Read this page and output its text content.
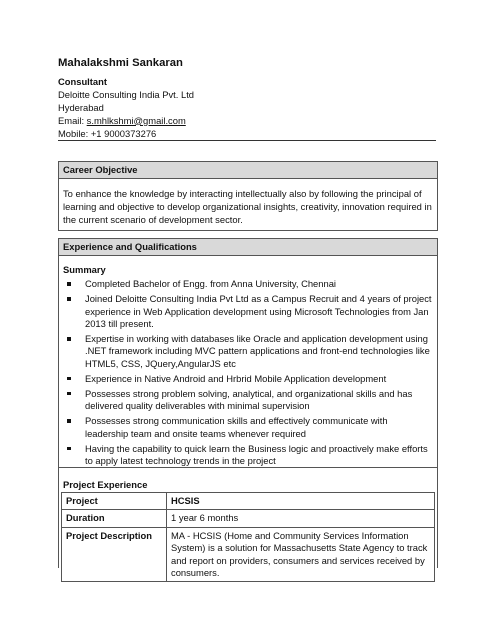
Mahalakshmi Sankaran
Consultant
Deloitte Consulting India Pvt. Ltd
Hyderabad
Email: s.mhlkshmi@gmail.com
Mobile: +1 9000373276
Career Objective
To enhance the knowledge by interacting intellectually also by following the principal of learning and objective to develop organizational insights, creativity, innovation required in the current scenario of development sector.
Experience and Qualifications
Summary
Completed Bachelor of Engg. from Anna University, Chennai
Joined Deloitte Consulting India Pvt Ltd as a Campus Recruit and 4 years of project experience in Web Application development using Microsoft Technologies from Jan 2013 till present.
Expertise in working with databases like Oracle and application development using .NET framework including MVC pattern applications and front-end technologies like HTML5, CSS, JQuery,AngularJS etc
Experience in Native Android and Hrbrid Mobile Application development
Possesses strong problem solving, analytical, and organizational skills and has delivered quality deliverables with minimal supervision
Possesses strong communication skills and effectively communicate with leadership team and onsite teams whenever required
Having the capability to quick learn the Business logic and proactively make efforts to apply latest technology trends in the project
Project Experience
Project	HCSIS
Duration	1 year 6 months
Project Description	MA - HCSIS (Home and Community Services Information System) is a solution for Massachusetts State Agency to track and report on providers, consumers and services received by consumers.
